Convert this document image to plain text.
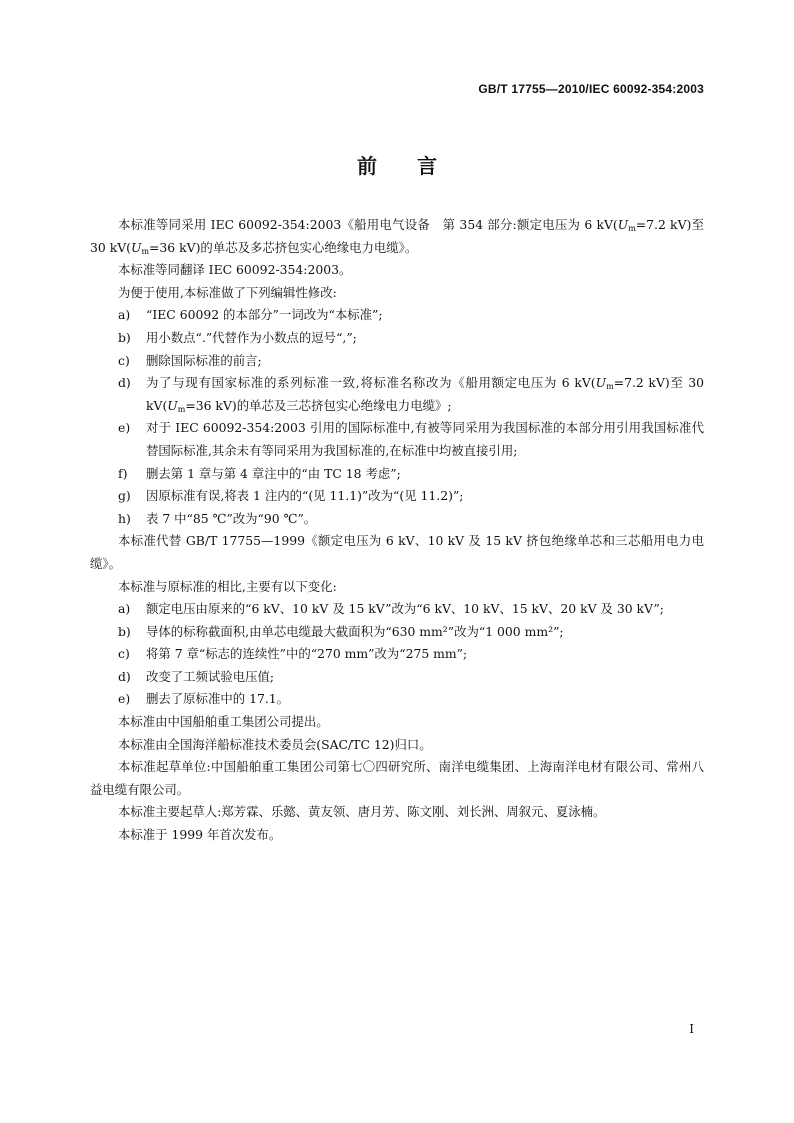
GB/T 17755—2010/IEC 60092-354:2003
前言

本标准等同采用 IEC 60092-354:2003《船用电气设备　第 354 部分:额定电压为 6 $kV(U_m=7.2$ kV)至 30 $kV(U_m=36$ kV)的单芯及多芯挤包实心绝缘电力电缆》。

本标准等同翻译 IEC 60092-354:2003。

为便于使用,本标准做了下列编辑性修改:

a)	“IEC 60092 的本部分”一词改为“本标准”;
b)	用小数点“.”代替作为小数点的逗号“,”;
c)	删除国际标准的前言;
d)	为了与现有国家标准的系列标准一致,将标准名称改为《船用额定电压为 6 $kV(U_m=7.2$ kV)至 30 $kV(U_m=36$ kV)的单芯及三芯挤包实心绝缘电力电缆》;
e)	对于 IEC 60092-354:2003 引用的国际标准中,有被等同采用为我国标准的本部分用引用我国标准代替国际标准,其余未有等同采用为我国标准的,在标准中均被直接引用;
f)	删去第 1 章与第 4 章注中的“由 TC 18 考虑”;
g)	因原标准有误,将表 1 注内的“(见 11.1)”改为“(见 11.2)”;
h)	表 7 中“85 ℃”改为“90 ℃”。

本标准代替 GB/T 17755—1999《额定电压为 6 kV、10 kV 及 15 kV 挤包绝缘单芯和三芯船用电力电缆》。

本标准与原标准的相比,主要有以下变化:

a)	额定电压由原来的“6 kV、10 kV 及 15 kV”改为“6 kV、10 kV、15 kV、20 kV 及 30 kV”;
b)	导体的标称截面积,由单芯电缆最大截面积为“630 mm²”改为“1 000 mm²”;
c)	将第 7 章“标志的连续性”中的“270 mm”改为“275 mm”;
d)	改变了工频试验电压值;
e)	删去了原标准中的 17.1。

本标准由中国船舶重工集团公司提出。

本标准由全国海洋船标准技术委员会(SAC/TC 12)归口。

本标准起草单位:中国船舶重工集团公司第七〇四研究所、南洋电缆集团、上海南洋电材有限公司、常州八益电缆有限公司。

本标准主要起草人:郑芳霖、乐懿、黄友领、唐月芳、陈文刚、刘长洲、周叙元、夏泳楠。

本标准于 1999 年首次发布。

I
